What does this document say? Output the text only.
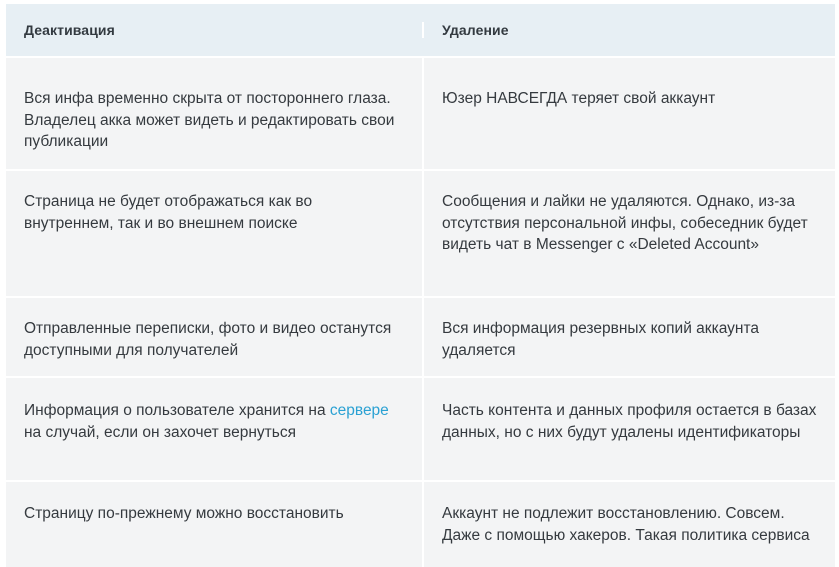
Деактивация	Удаление
Вся инфа временно скрыта от постороннего глаза. Владелец акка может видеть и редактировать свои публикации
Юзер НАВСЕГДА теряет свой аккаунт
Страница не будет отображаться как во внутреннем, так и во внешнем поиске
Сообщения и лайки не удаляются. Однако, из-за отсутствия персональной инфы, собеседник будет видеть чат в Messenger с «Deleted Account»
Отправленные переписки, фото и видео останутся доступными для получателей
Вся информация резервных копий аккаунта удаляется
Информация о пользователе хранится на сервере на случай, если он захочет вернуться
Часть контента и данных профиля остается в базах данных, но с них будут удалены идентификаторы
Страницу по-прежнему можно восстановить	Аккаунт не подлежит восстановлению. Совсем. Даже с помощью хакеров. Такая политика сервиса
